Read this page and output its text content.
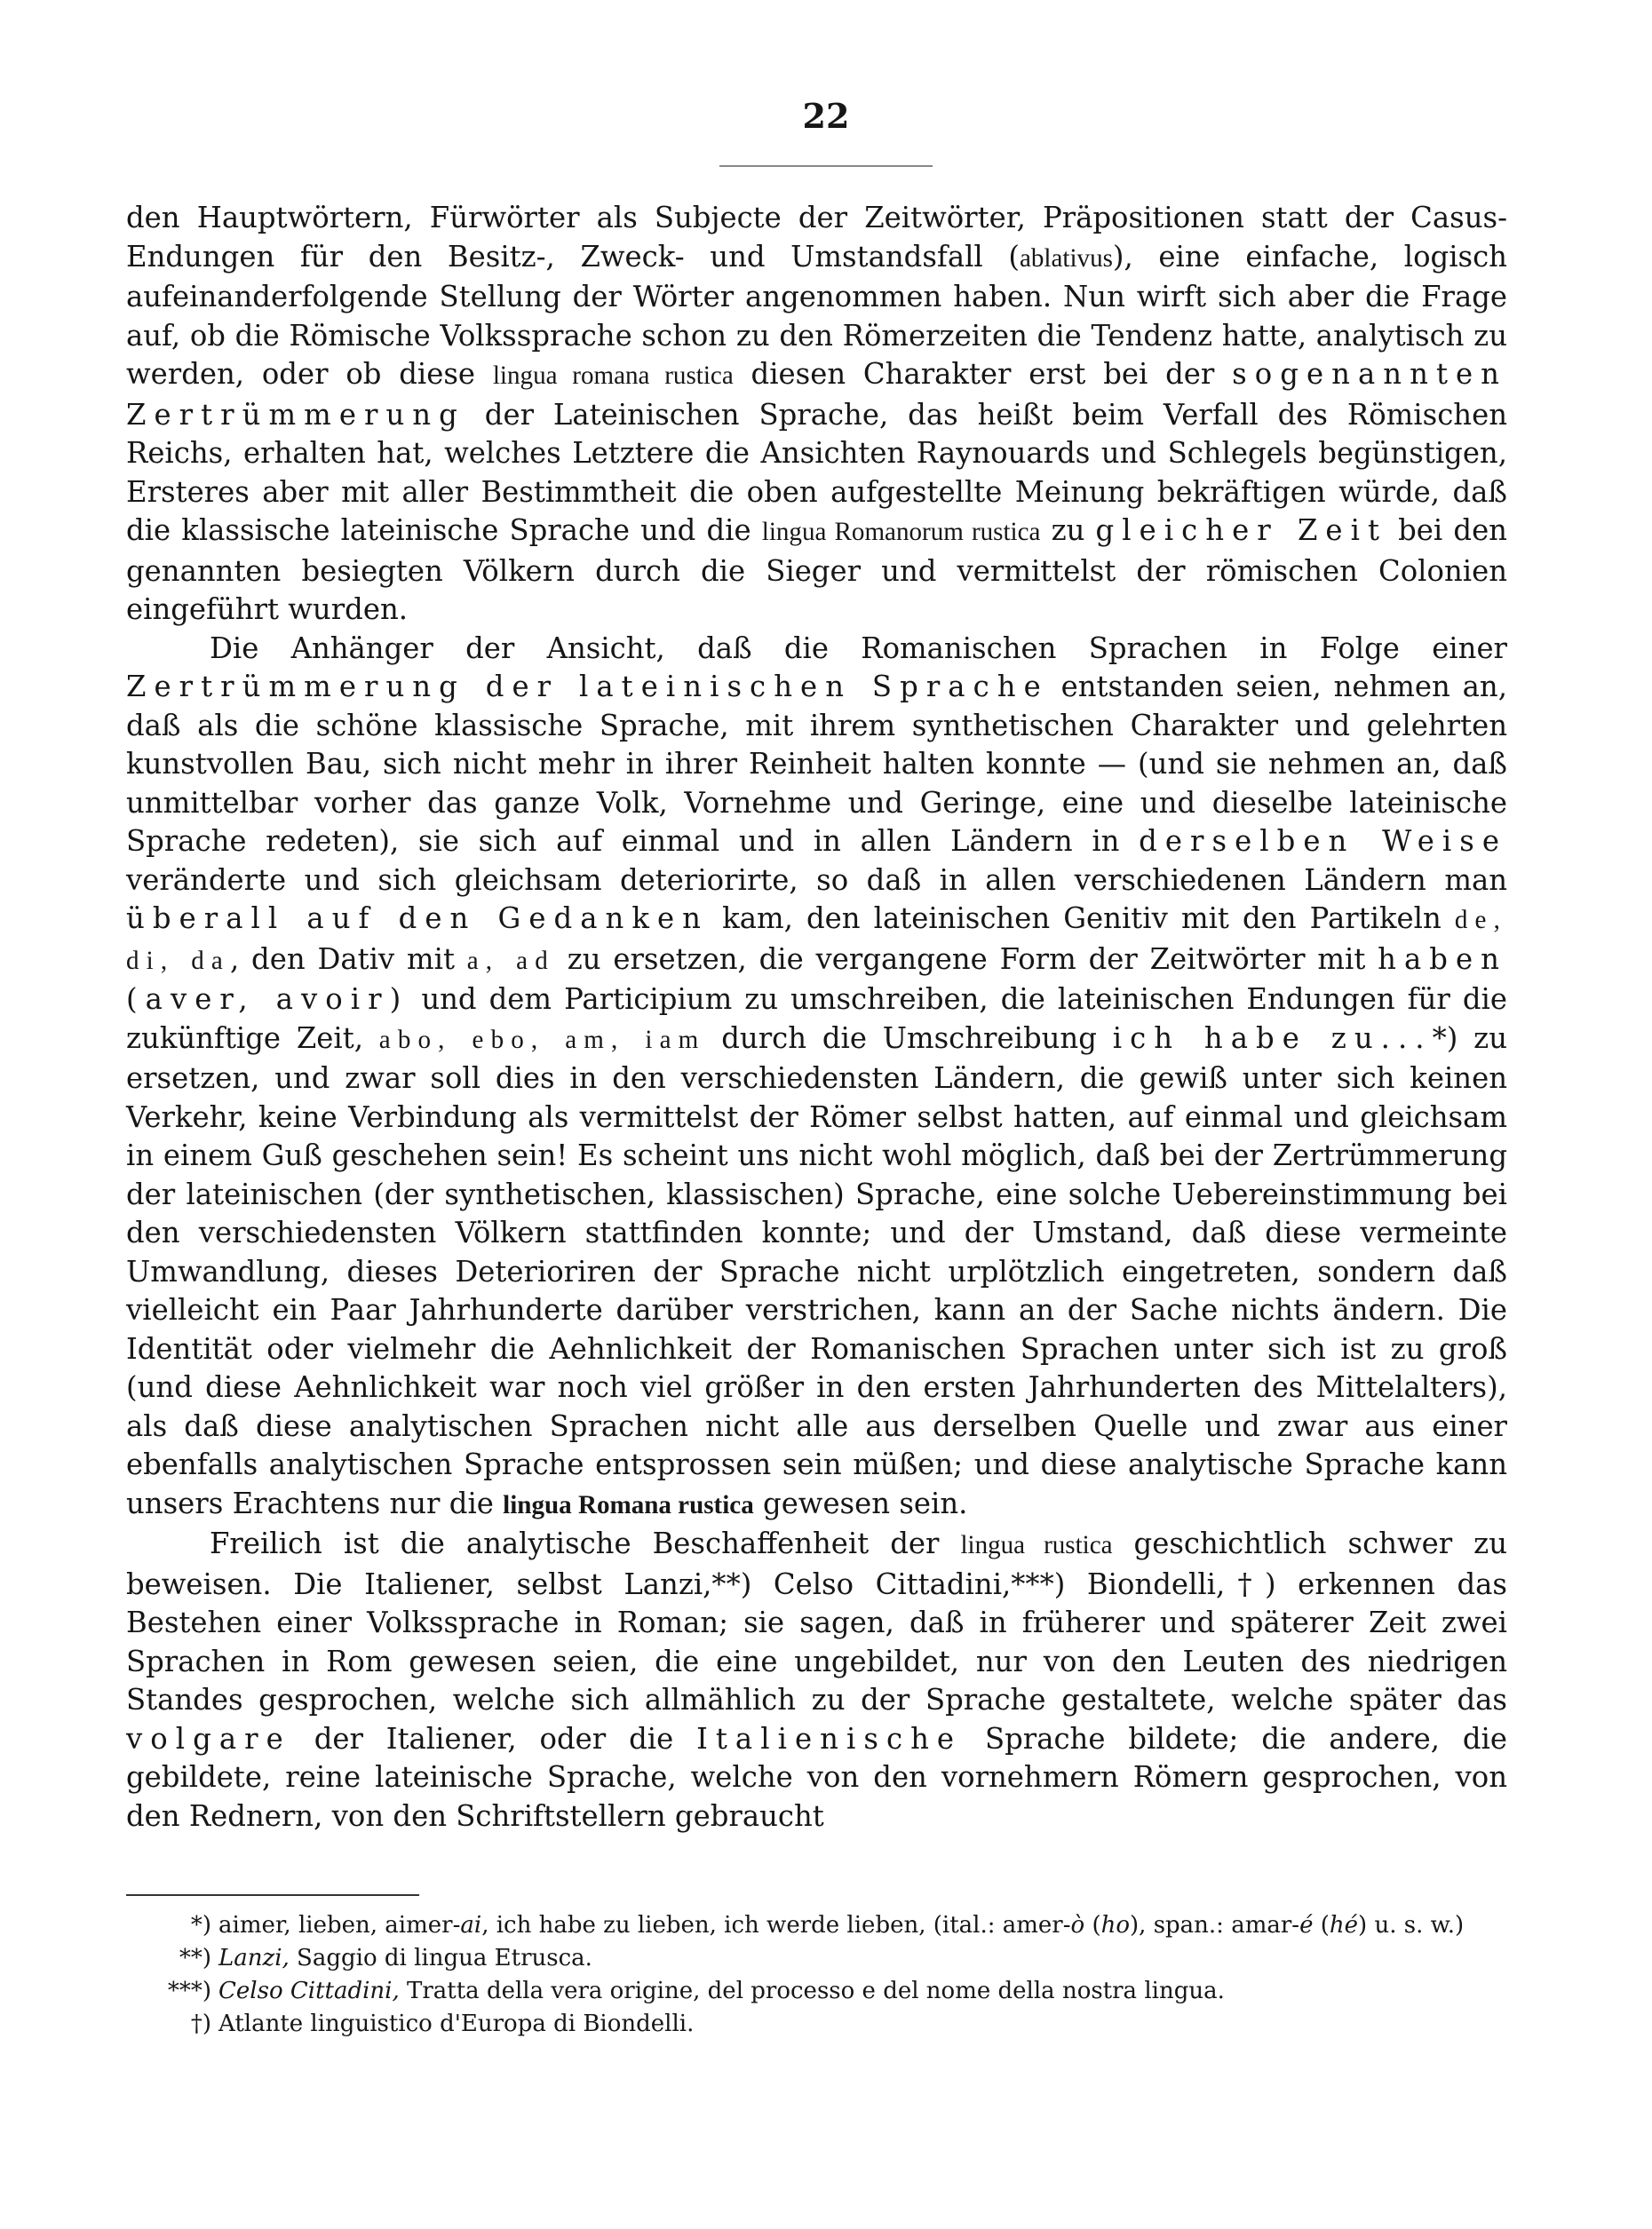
22

den Hauptwörtern, Fürwörter als Subjecte der Zeitwörter, Präpositionen statt der Casus-Endungen für den Besitz-, Zweck- und Umstandsfall (ablativus), eine einfache, logisch aufeinanderfolgende Stellung der Wörter angenommen haben. Nun wirft sich aber die Frage auf, ob die Römische Volkssprache schon zu den Römerzeiten die Tendenz hatte, analytisch zu werden, oder ob diese lingua romana rustica diesen Charakter erst bei der sogenannten Zertrümmerung der Lateinischen Sprache, das heißt beim Verfall des Römischen Reichs, erhalten hat, welches Letztere die Ansichten Raynouards und Schlegels begünstigen, Ersteres aber mit aller Bestimmtheit die oben aufgestellte Meinung bekräftigen würde, daß die klassische lateinische Sprache und die lingua Romanorum rustica zu gleicher Zeit bei den genannten besiegten Völkern durch die Sieger und vermittelst der römischen Colonien eingeführt wurden.

Die Anhänger der Ansicht, daß die Romanischen Sprachen in Folge einer Zertrümmerung der lateinischen Sprache entstanden seien, nehmen an, daß als die schöne klassische Sprache, mit ihrem synthetischen Charakter und gelehrten kunstvollen Bau, sich nicht mehr in ihrer Reinheit halten konnte — (und sie nehmen an, daß unmittelbar vorher das ganze Volk, Vornehme und Geringe, eine und dieselbe lateinische Sprache redeten), sie sich auf einmal und in allen Ländern in derselben Weise veränderte und sich gleichsam deteriorirte, so daß in allen verschiedenen Ländern man überall auf den Gedanken kam, den lateinischen Genitiv mit den Partikeln de, di, da, den Dativ mit a, ad zu ersetzen, die vergangene Form der Zeitwörter mit haben (aver, avoir) und dem Participium zu umschreiben, die lateinischen Endungen für die zukünftige Zeit, abo, ebo, am, iam durch die Umschreibung ich habe zu...*) zu ersetzen, und zwar soll dies in den verschiedensten Ländern, die gewiß unter sich keinen Verkehr, keine Verbindung als vermittelst der Römer selbst hatten, auf einmal und gleichsam in einem Guß geschehen sein! Es scheint uns nicht wohl möglich, daß bei der Zertrümmerung der lateinischen (der synthetischen, klassischen) Sprache, eine solche Uebereinstimmung bei den verschiedensten Völkern stattfinden konnte; und der Umstand, daß diese vermeinte Umwandlung, dieses Deterioriren der Sprache nicht urplötzlich eingetreten, sondern daß vielleicht ein Paar Jahrhunderte darüber verstrichen, kann an der Sache nichts ändern. Die Identität oder vielmehr die Aehnlichkeit der Romanischen Sprachen unter sich ist zu groß (und diese Aehnlichkeit war noch viel größer in den ersten Jahrhunderten des Mittelalters), als daß diese analytischen Sprachen nicht alle aus derselben Quelle und zwar aus einer ebenfalls analytischen Sprache entsprossen sein müßen; und diese analytische Sprache kann unsers Erachtens nur die lingua Romana rustica gewesen sein.

Freilich ist die analytische Beschaffenheit der lingua rustica geschichtlich schwer zu beweisen. Die Italiener, selbst Lanzi,**) Celso Cittadini,***) Biondelli,†) erkennen das Bestehen einer Volkssprache in Roman; sie sagen, daß in früherer und späterer Zeit zwei Sprachen in Rom gewesen seien, die eine ungebildet, nur von den Leuten des niedrigen Standes gesprochen, welche sich allmählich zu der Sprache gestaltete, welche später das volgare der Italiener, oder die Italienische Sprache bildete; die andere, die gebildete, reine lateinische Sprache, welche von den vornehmern Römern gesprochen, von den Rednern, von den Schriftstellern gebraucht

*) aimer, lieben, aimer-ai, ich habe zu lieben, ich werde lieben, (ital.: amer-ò (ho), span.: amar-é (hé) u. s. w.)
**) Lanzi, Saggio di lingua Etrusca.
***) Celso Cittadini, Tratta della vera origine, del processo e del nome della nostra lingua.
†) Atlante linguistico d'Europa di Biondelli.
